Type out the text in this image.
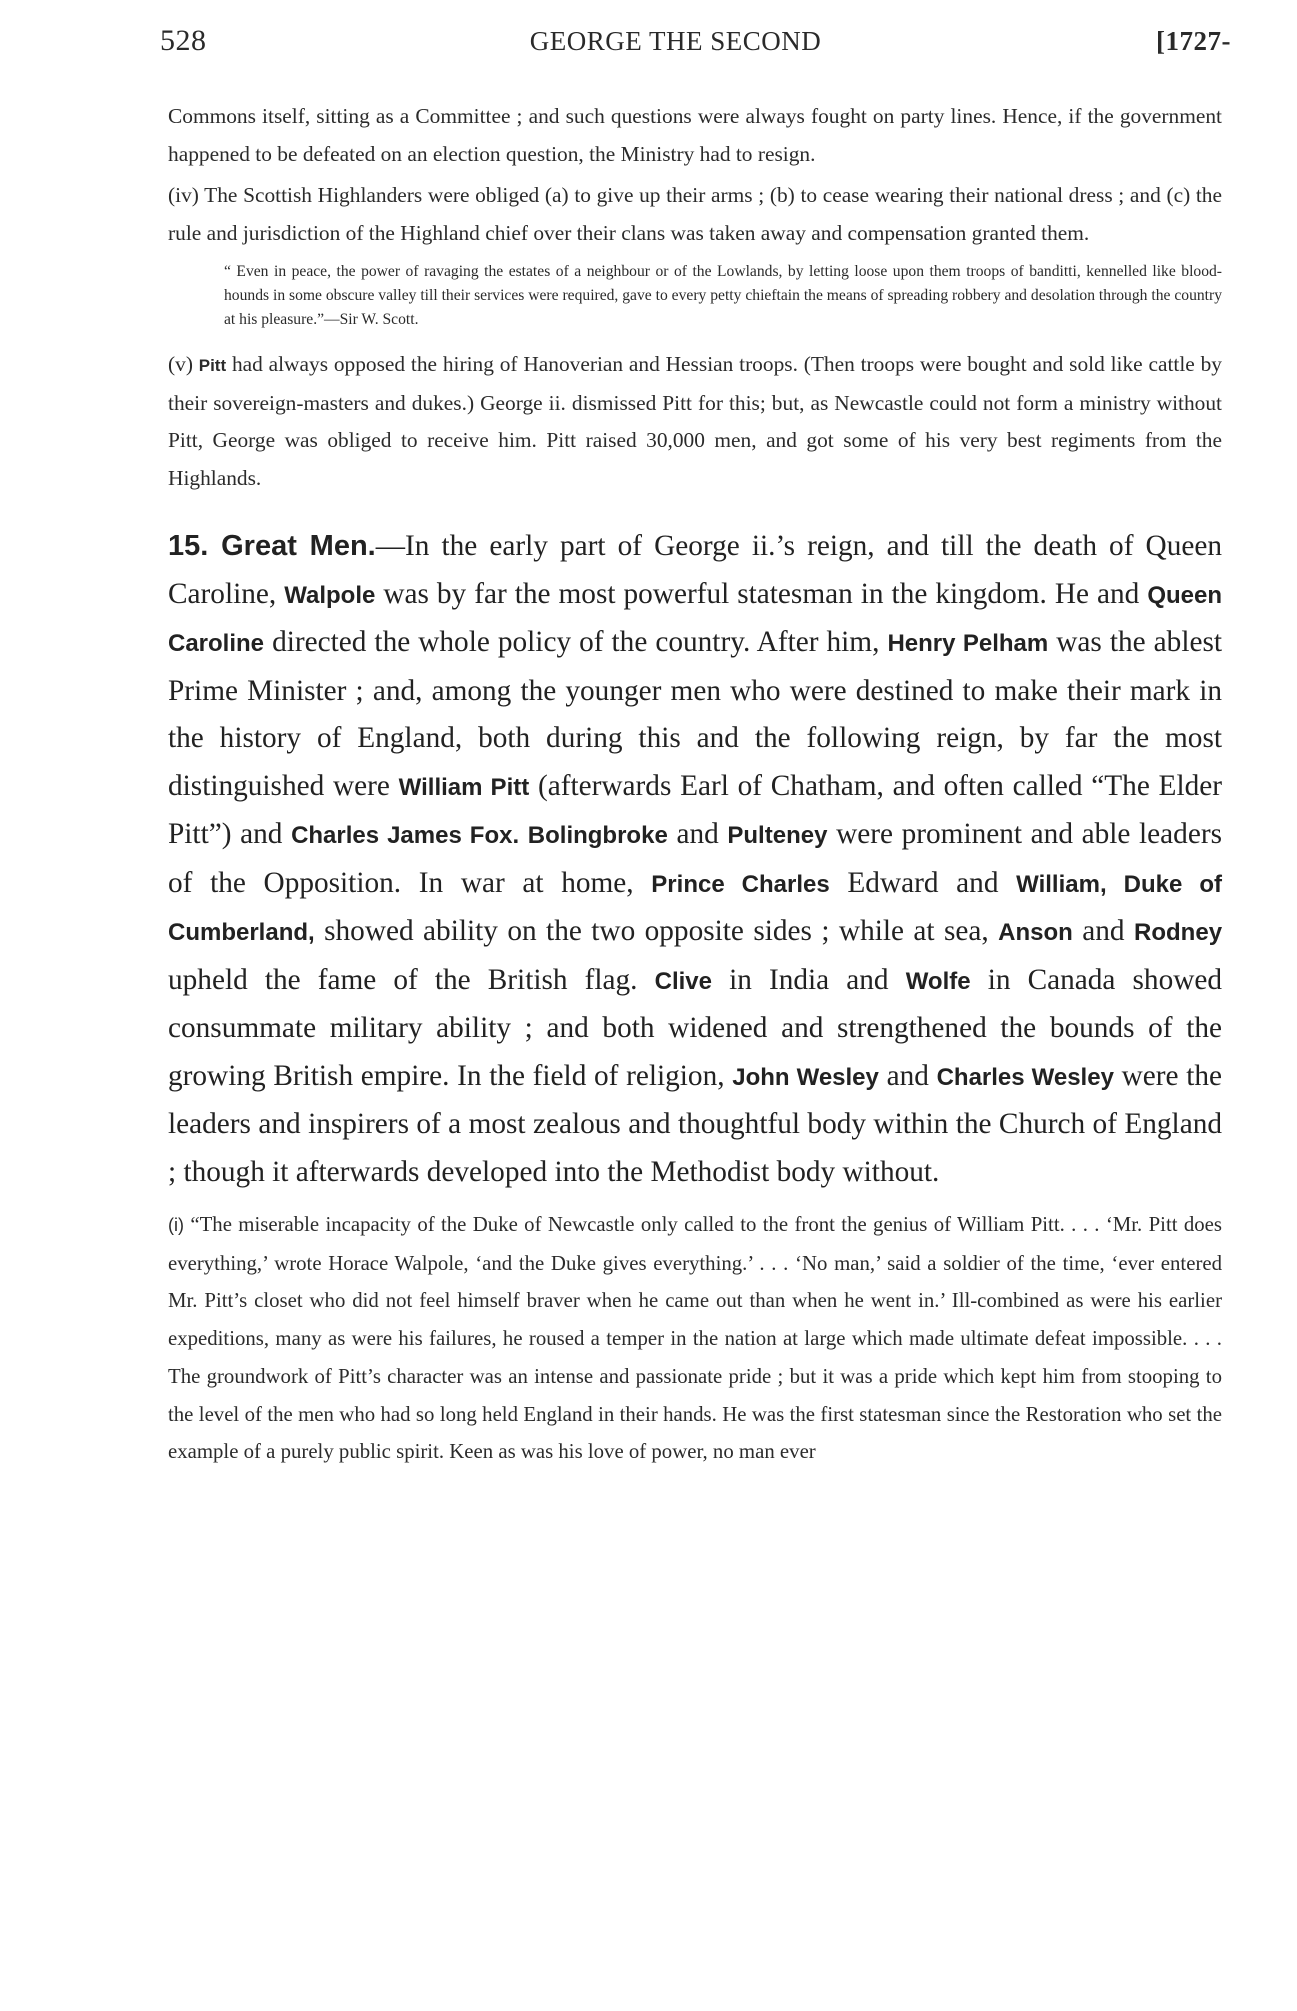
528	GEORGE THE SECOND	[1727-

Commons itself, sitting as a Committee ; and such questions were always fought on party lines. Hence, if the government happened to be defeated on an election question, the Ministry had to resign.

(iv) The Scottish Highlanders were obliged (a) to give up their arms ; (b) to cease wearing their national dress ; and (c) the rule and jurisdiction of the Highland chief over their clans was taken away and compensation granted them.

“ Even in peace, the power of ravaging the estates of a neighbour or of the Lowlands, by letting loose upon them troops of banditti, kennelled like blood-hounds in some obscure valley till their services were required, gave to every petty chieftain the means of spreading robbery and desolation through the country at his pleasure.”—Sir W. Scott.

(v) Pitt had always opposed the hiring of Hanoverian and Hessian troops. (Then troops were bought and sold like cattle by their sovereign-masters and dukes.) George ii. dismissed Pitt for this; but, as Newcastle could not form a ministry without Pitt, George was obliged to receive him. Pitt raised 30,000 men, and got some of his very best regiments from the Highlands.

15. Great Men.—In the early part of George ii.’s reign, and till the death of Queen Caroline, Walpole was by far the most powerful statesman in the kingdom. He and Queen Caroline directed the whole policy of the country. After him, Henry Pelham was the ablest Prime Minister ; and, among the younger men who were destined to make their mark in the history of England, both during this and the following reign, by far the most distinguished were William Pitt (afterwards Earl of Chatham, and often called “The Elder Pitt”) and Charles James Fox. Bolingbroke and Pulteney were prominent and able leaders of the Opposition. In war at home, Prince Charles Edward and William, Duke of Cumberland, showed ability on the two opposite sides ; while at sea, Anson and Rodney upheld the fame of the British flag. Clive in India and Wolfe in Canada showed consummate military ability ; and both widened and strengthened the bounds of the growing British empire. In the field of religion, John Wesley and Charles Wesley were the leaders and inspirers of a most zealous and thoughtful body within the Church of England ; though it afterwards developed into the Methodist body without.

(i) “The miserable incapacity of the Duke of Newcastle only called to the front the genius of William Pitt. . . . ‘Mr. Pitt does everything,’ wrote Horace Walpole, ‘and the Duke gives everything.’ . . . ‘No man,’ said a soldier of the time, ‘ever entered Mr. Pitt’s closet who did not feel himself braver when he came out than when he went in.’ Ill-combined as were his earlier expeditions, many as were his failures, he roused a temper in the nation at large which made ultimate defeat impossible. . . . The groundwork of Pitt’s character was an intense and passionate pride ; but it was a pride which kept him from stooping to the level of the men who had so long held England in their hands. He was the first statesman since the Restoration who set the example of a purely public spirit. Keen as was his love of power, no man ever
